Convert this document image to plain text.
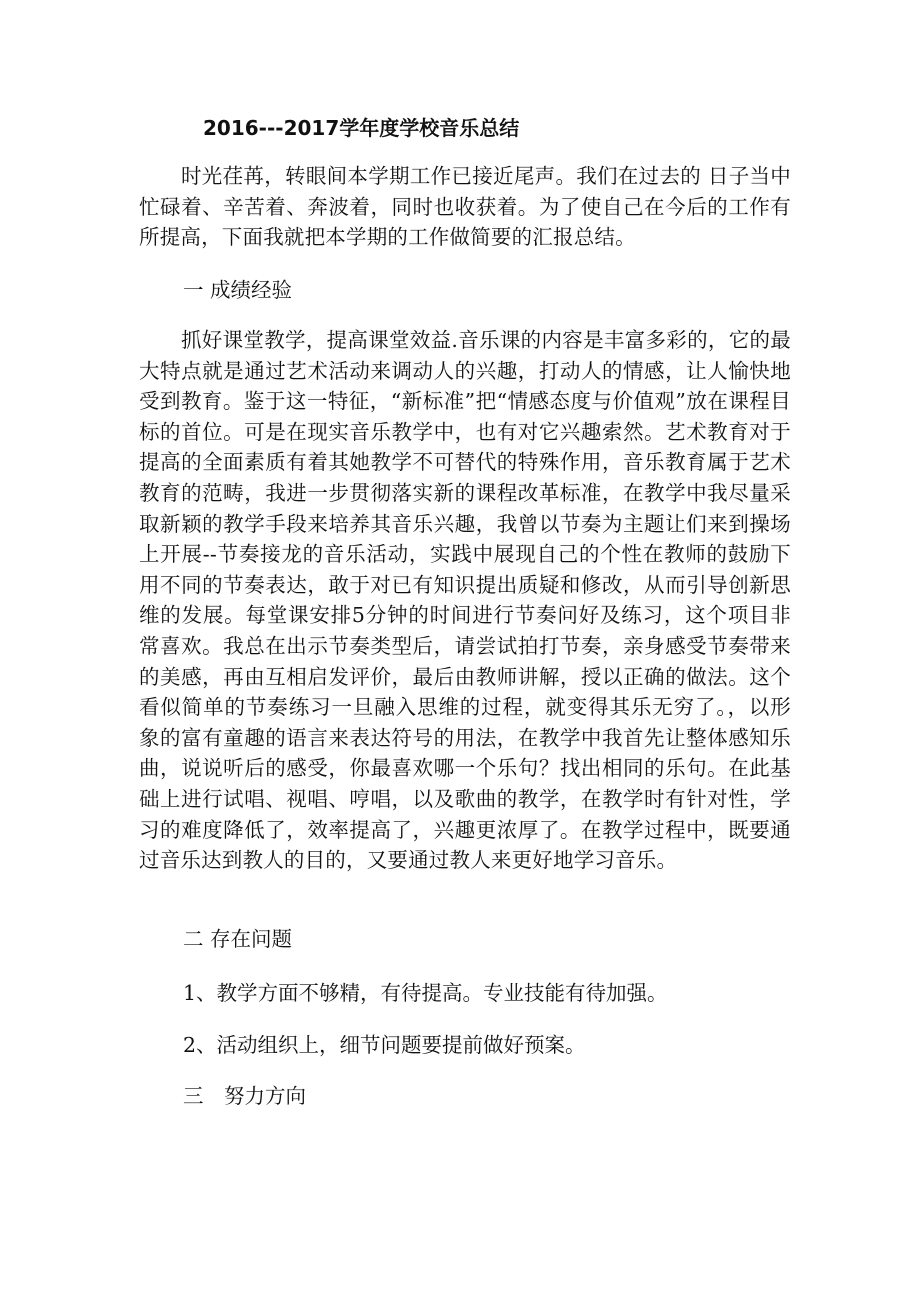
2016---2017学年度学校音乐总结

时光荏苒，转眼间本学期工作已接近尾声。我们在过去的 日子当中忙碌着、辛苦着、奔波着，同时也收获着。为了使自己在今后的工作有所提高，下面我就把本学期的工作做简要的汇报总结。

一 成绩经验

抓好课堂教学，提高课堂效益.音乐课的内容是丰富多彩的，它的最大特点就是通过艺术活动来调动人的兴趣，打动人的情感，让人愉快地受到教育。鉴于这一特征，“新标准”把“情感态度与价值观”放在课程目标的首位。可是在现实音乐教学中，也有对它兴趣索然。艺术教育对于提高的全面素质有着其她教学不可替代的特殊作用，音乐教育属于艺术教育的范畴，我进一步贯彻落实新的课程改革标准，在教学中我尽量采取新颖的教学手段来培养其音乐兴趣，我曾以节奏为主题让们来到操场上开展--节奏接龙的音乐活动，实践中展现自己的个性在教师的鼓励下用不同的节奏表达，敢于对已有知识提出质疑和修改，从而引导创新思维的发展。每堂课安排5分钟的时间进行节奏问好及练习，这个项目非常喜欢。我总在出示节奏类型后，请尝试拍打节奏，亲身感受节奏带来的美感，再由互相启发评价，最后由教师讲解，授以正确的做法。这个看似简单的节奏练习一旦融入思维的过程，就变得其乐无穷了。，以形象的富有童趣的语言来表达符号的用法，在教学中我首先让整体感知乐曲，说说听后的感受，你最喜欢哪一个乐句？找出相同的乐句。在此基础上进行试唱、视唱、哼唱，以及歌曲的教学，在教学时有针对性，学习的难度降低了，效率提高了，兴趣更浓厚了。在教学过程中，既要通过音乐达到教人的目的，又要通过教人来更好地学习音乐。

二 存在问题

1、教学方面不够精，有待提高。专业技能有待加强。

2、活动组织上，细节问题要提前做好预案。

三　努力方向
